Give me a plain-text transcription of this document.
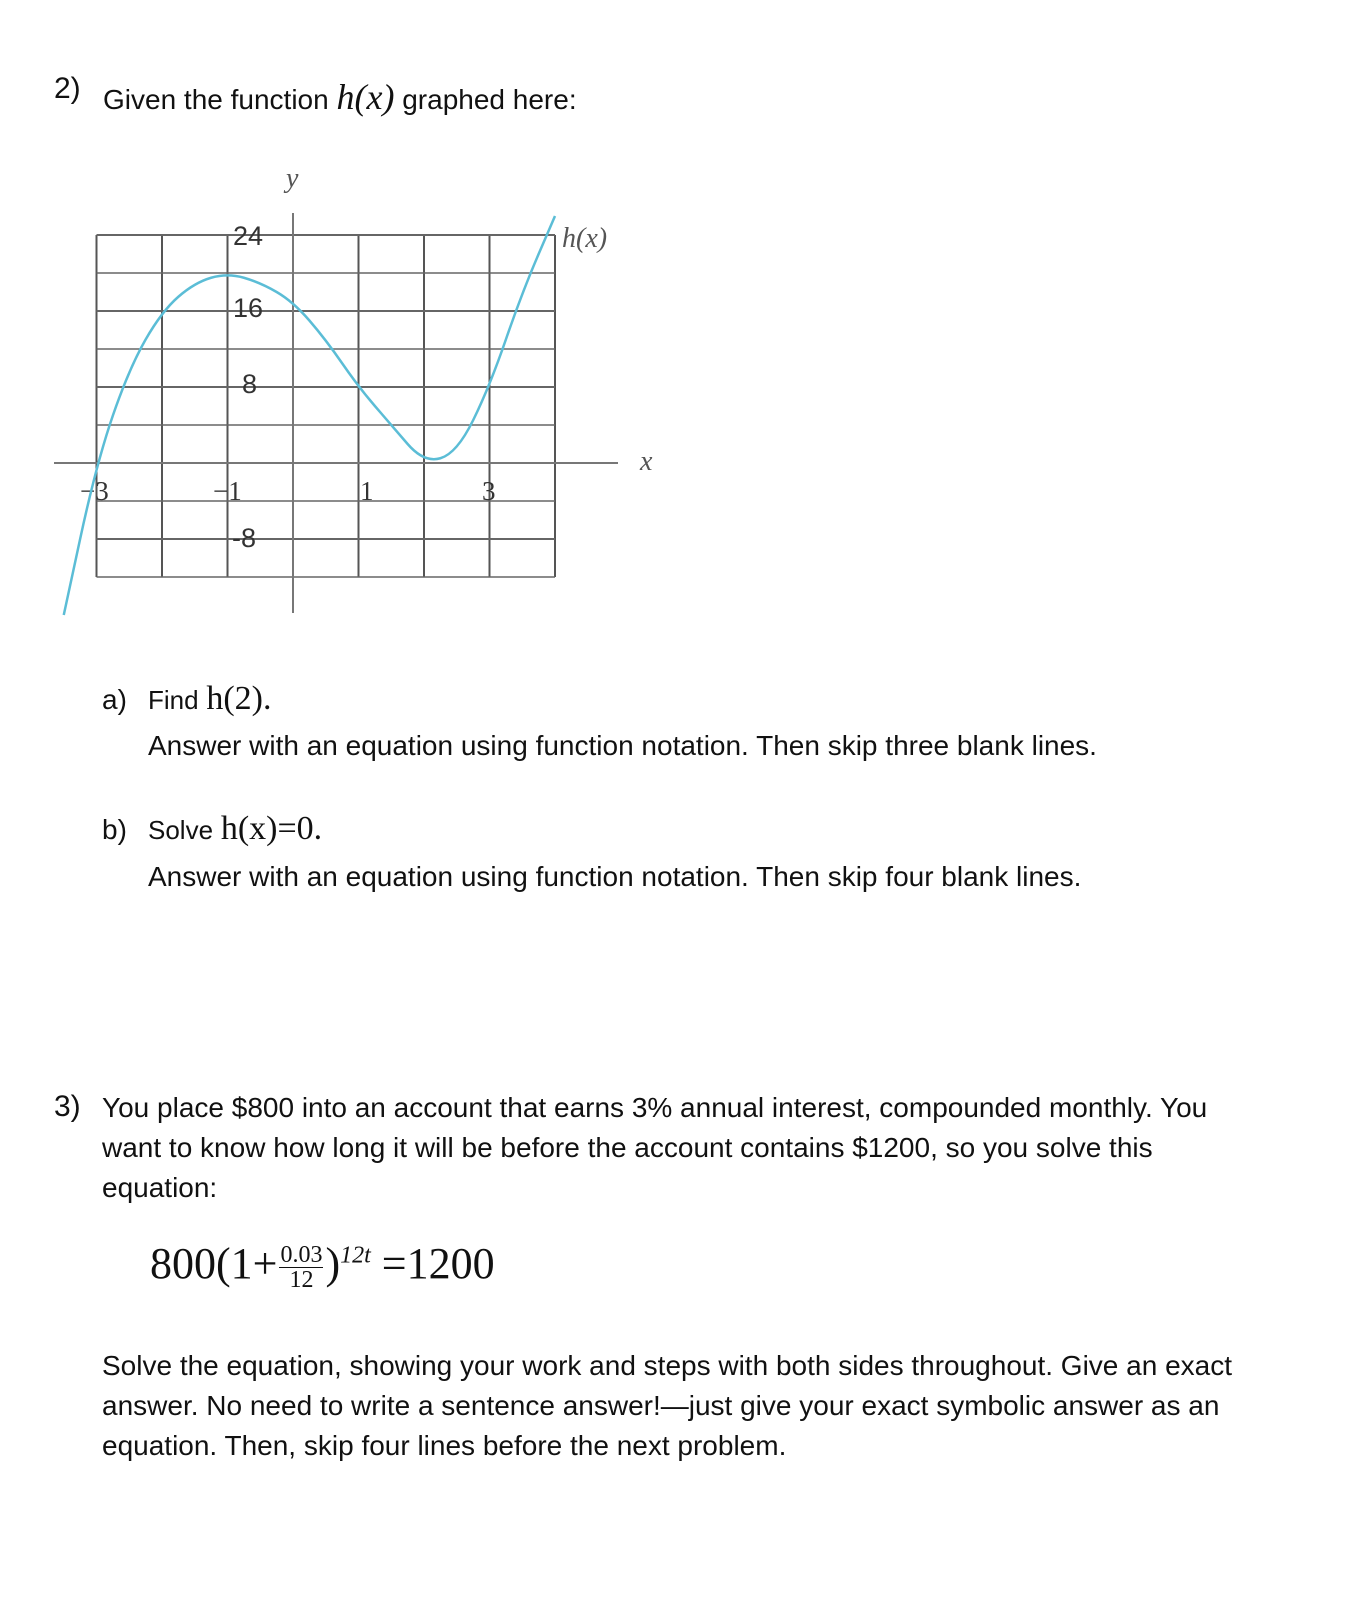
2) Given the function h(x) graphed here:
y
x
h(x)
24
16
8
-8
−3	−1	1	3
a) Find h(2).
Answer with an equation using function notation. Then skip three blank lines.
b) Solve h(x)=0.
Answer with an equation using function notation. Then skip four blank lines.
3) You place $800 into an account that earns 3% annual interest, compounded monthly. You want to know how long it will be before the account contains $1200, so you solve this equation:
$800(1+ \frac{0.03}{12} )^{12t} =1200$
Solve the equation, showing your work and steps with both sides throughout. Give an exact answer. No need to write a sentence answer!—just give your exact symbolic answer as an equation. Then, skip four lines before the next problem.
